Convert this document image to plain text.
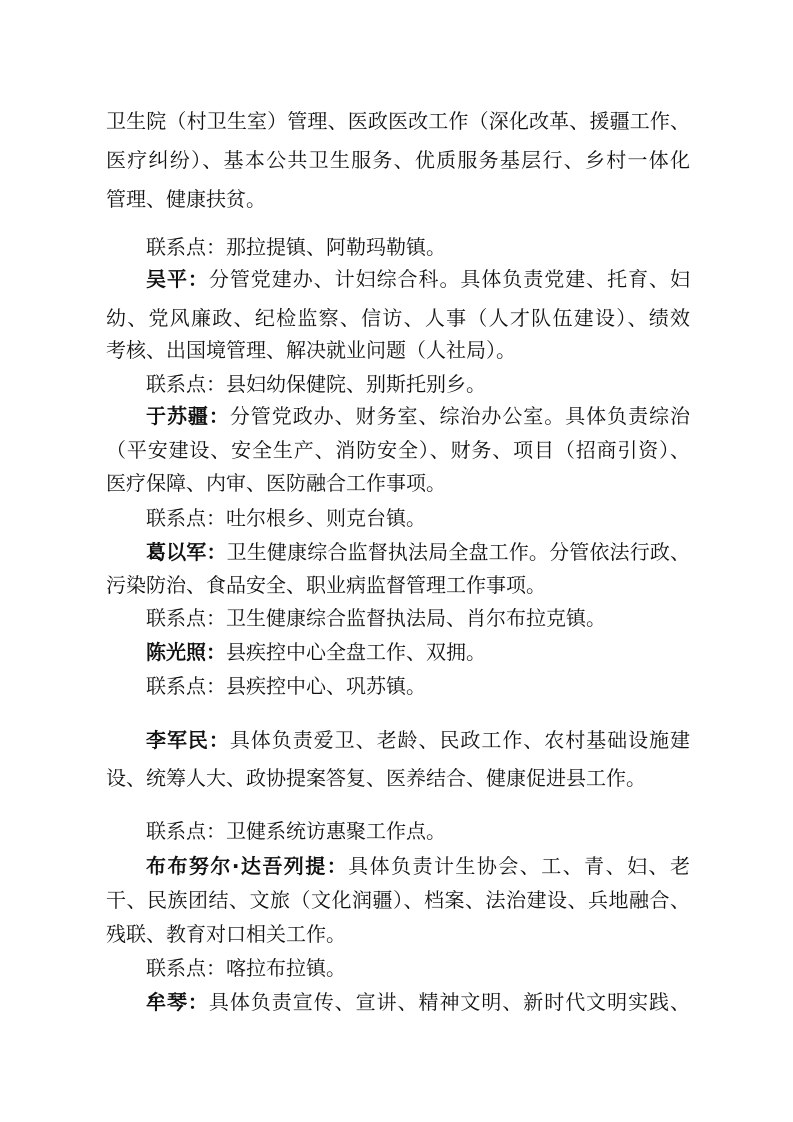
卫生院（村卫生室）管理、医政医改工作（深化改革、援疆工作、
医疗纠纷）、基本公共卫生服务、优质服务基层行、乡村一体化
管理、健康扶贫。
联系点：那拉提镇、阿勒玛勒镇。
吴平：分管党建办、计妇综合科。具体负责党建、托育、妇
幼、党风廉政、纪检监察、信访、人事（人才队伍建设）、绩效
考核、出国境管理、解决就业问题（人社局）。
联系点：县妇幼保健院、别斯托别乡。
于苏疆：分管党政办、财务室、综治办公室。具体负责综治
（平安建设、安全生产、消防安全）、财务、项目（招商引资）、
医疗保障、内审、医防融合工作事项。
联系点：吐尔根乡、则克台镇。
葛以军：卫生健康综合监督执法局全盘工作。分管依法行政、
污染防治、食品安全、职业病监督管理工作事项。
联系点：卫生健康综合监督执法局、肖尔布拉克镇。
陈光照：县疾控中心全盘工作、双拥。
联系点：县疾控中心、巩苏镇。
李军民：具体负责爱卫、老龄、民政工作、农村基础设施建
设、统筹人大、政协提案答复、医养结合、健康促进县工作。
联系点：卫健系统访惠聚工作点。
布布努尔·达吾列提：具体负责计生协会、工、青、妇、老
干、民族团结、文旅（文化润疆）、档案、法治建设、兵地融合、
残联、教育对口相关工作。
联系点：喀拉布拉镇。
牟琴：具体负责宣传、宣讲、精神文明、新时代文明实践、
